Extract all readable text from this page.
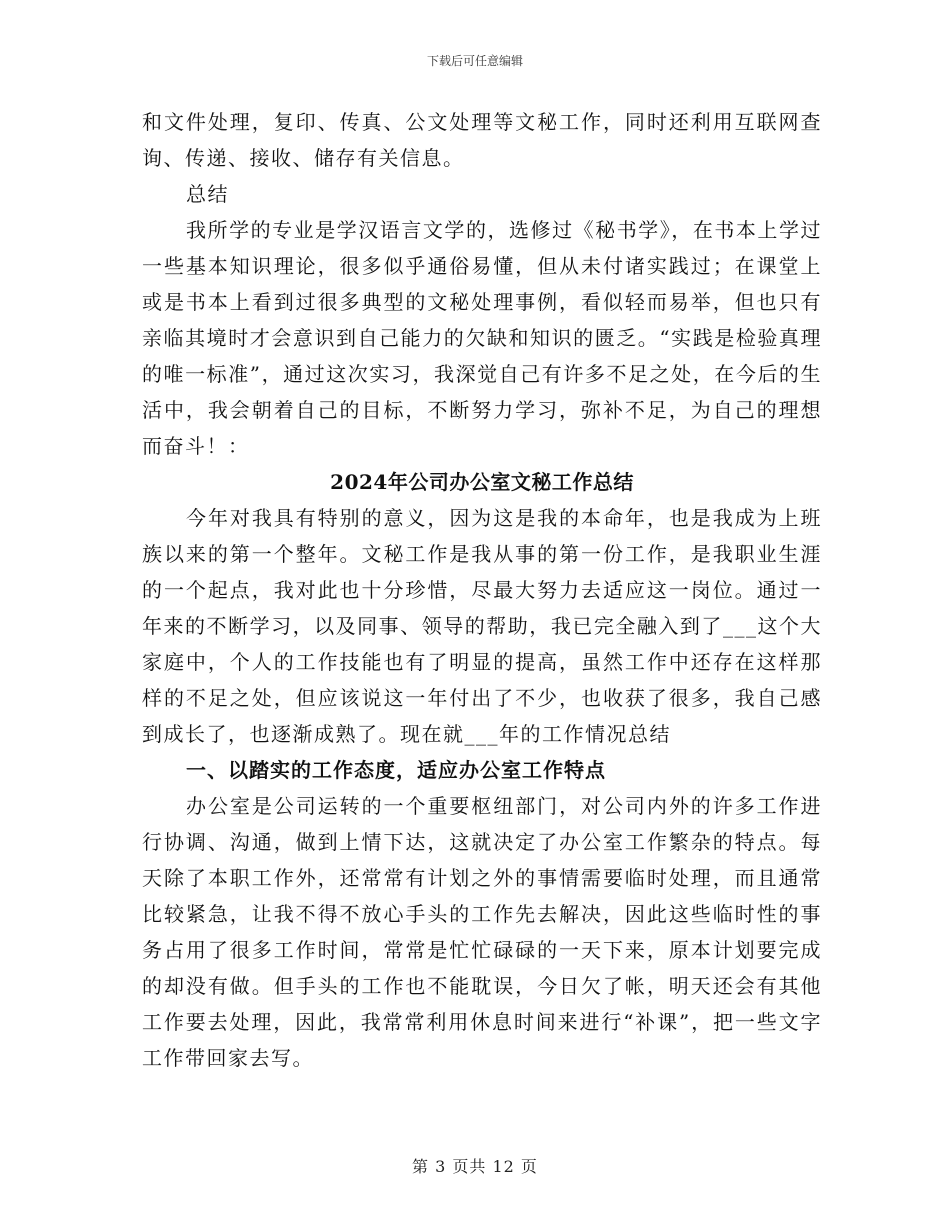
下载后可任意编辑

和文件处理，复印、传真、公文处理等文秘工作，同时还利用互联网查询、传递、接收、储存有关信息。

总结

我所学的专业是学汉语言文学的，选修过《秘书学》，在书本上学过一些基本知识理论，很多似乎通俗易懂，但从未付诸实践过；在课堂上或是书本上看到过很多典型的文秘处理事例，看似轻而易举，但也只有亲临其境时才会意识到自己能力的欠缺和知识的匮乏。“实践是检验真理的唯一标准”，通过这次实习，我深觉自己有许多不足之处，在今后的生活中，我会朝着自己的目标，不断努力学习，弥补不足，为自己的理想而奋斗！：

2024年公司办公室文秘工作总结

今年对我具有特别的意义，因为这是我的本命年，也是我成为上班族以来的第一个整年。文秘工作是我从事的第一份工作，是我职业生涯的一个起点，我对此也十分珍惜，尽最大努力去适应这一岗位。通过一年来的不断学习，以及同事、领导的帮助，我已完全融入到了___这个大家庭中，个人的工作技能也有了明显的提高，虽然工作中还存在这样那样的不足之处，但应该说这一年付出了不少，也收获了很多，我自己感到成长了，也逐渐成熟了。现在就___年的工作情况总结

一、以踏实的工作态度，适应办公室工作特点

办公室是公司运转的一个重要枢纽部门，对公司内外的许多工作进行协调、沟通，做到上情下达，这就决定了办公室工作繁杂的特点。每天除了本职工作外，还常常有计划之外的事情需要临时处理，而且通常比较紧急，让我不得不放心手头的工作先去解决，因此这些临时性的事务占用了很多工作时间，常常是忙忙碌碌的一天下来，原本计划要完成的却没有做。但手头的工作也不能耽误，今日欠了帐，明天还会有其他工作要去处理，因此，我常常利用休息时间来进行“补课”，把一些文字工作带回家去写。

第 3 页共 12 页
